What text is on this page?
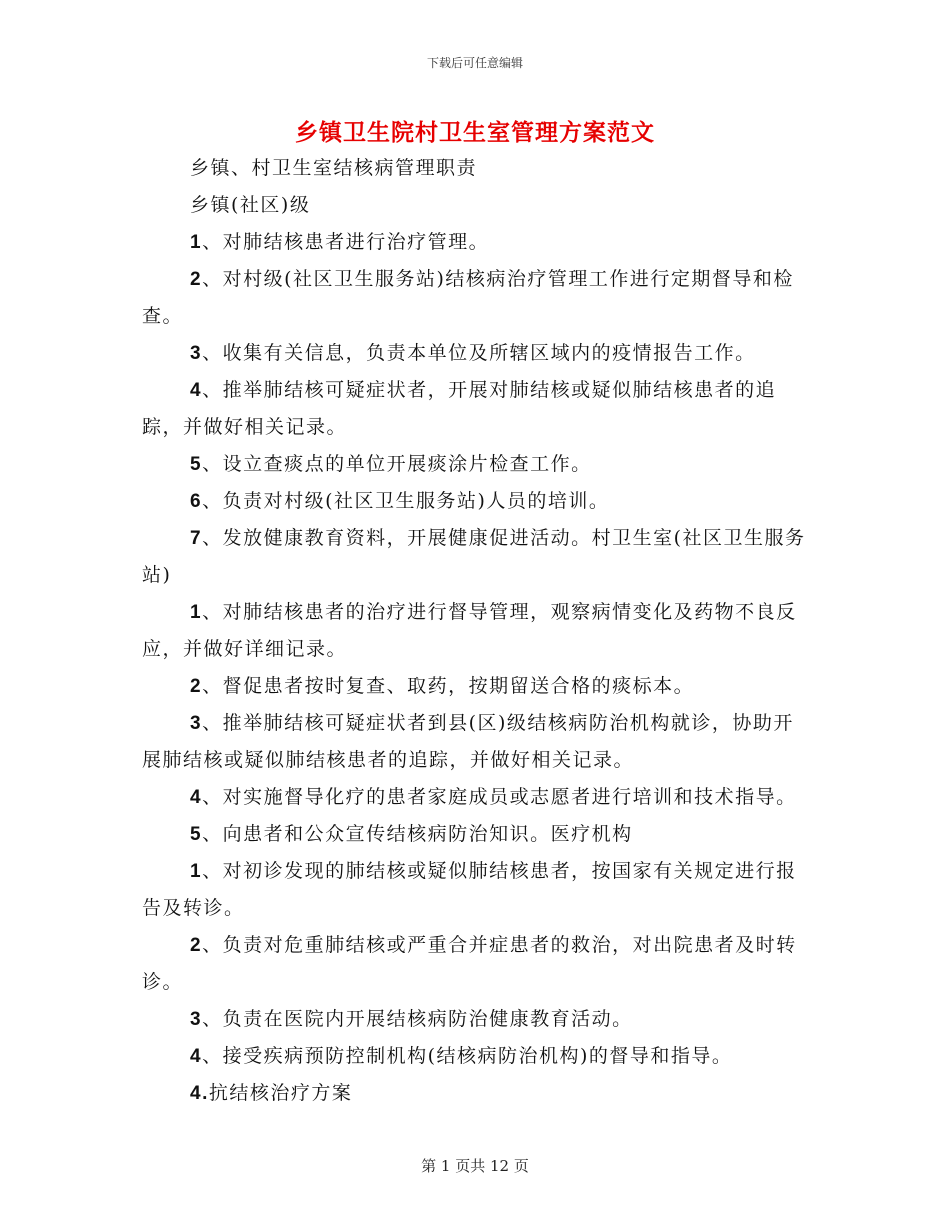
下载后可任意编辑
乡镇卫生院村卫生室管理方案范文

乡镇、村卫生室结核病管理职责

乡镇(社区)级

1、对肺结核患者进行治疗管理。

2、对村级(社区卫生服务站)结核病治疗管理工作进行定期督导和检查。

3、收集有关信息，负责本单位及所辖区域内的疫情报告工作。

4、推举肺结核可疑症状者，开展对肺结核或疑似肺结核患者的追踪，并做好相关记录。

5、设立查痰点的单位开展痰涂片检查工作。

6、负责对村级(社区卫生服务站)人员的培训。

7、发放健康教育资料，开展健康促进活动。村卫生室(社区卫生服务站)

1、对肺结核患者的治疗进行督导管理，观察病情变化及药物不良反应，并做好详细记录。

2、督促患者按时复查、取药，按期留送合格的痰标本。

3、推举肺结核可疑症状者到县(区)级结核病防治机构就诊，协助开展肺结核或疑似肺结核患者的追踪，并做好相关记录。

4、对实施督导化疗的患者家庭成员或志愿者进行培训和技术指导。

5、向患者和公众宣传结核病防治知识。医疗机构

1、对初诊发现的肺结核或疑似肺结核患者，按国家有关规定进行报告及转诊。

2、负责对危重肺结核或严重合并症患者的救治，对出院患者及时转诊。

3、负责在医院内开展结核病防治健康教育活动。

4、接受疾病预防控制机构(结核病防治机构)的督导和指导。

4.抗结核治疗方案

第 1 页共 12 页
